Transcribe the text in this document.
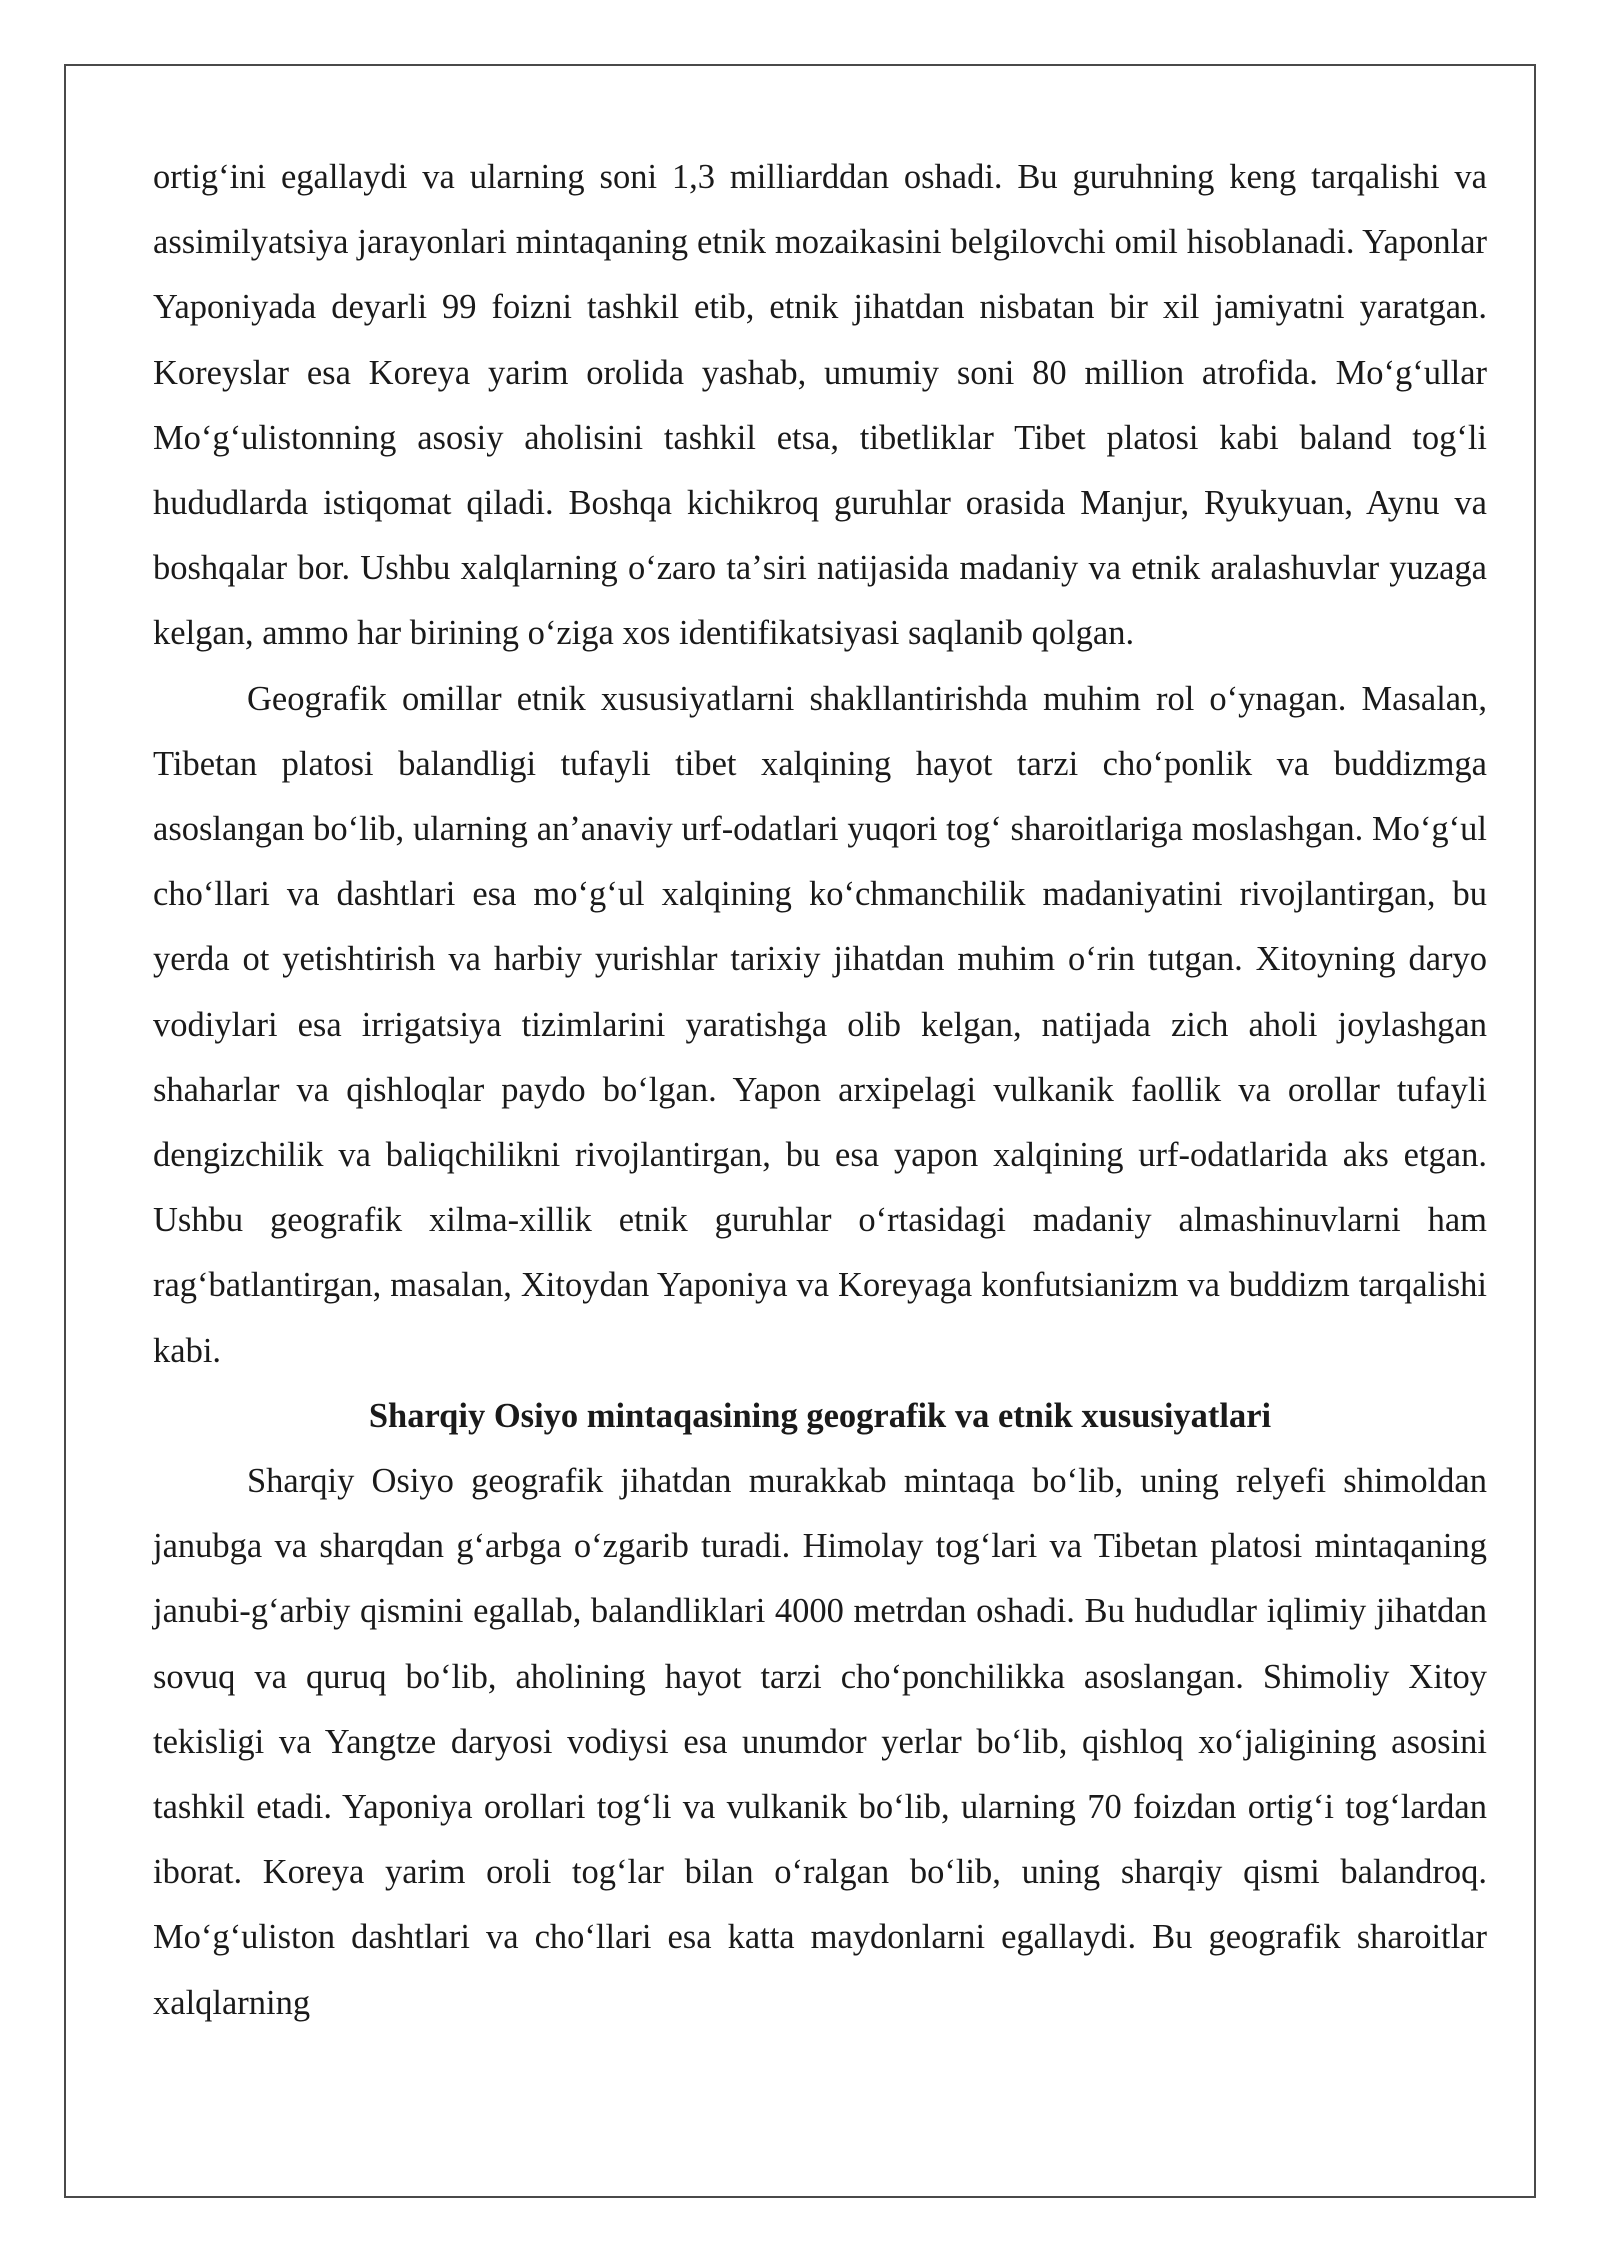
ortigʻini egallaydi va ularning soni 1,3 milliarddan oshadi. Bu guruhning keng tarqalishi va assimilyatsiya jarayonlari mintaqaning etnik mozaikasini belgilovchi omil hisoblanadi. Yaponlar Yaponiyada deyarli 99 foizni tashkil etib, etnik jihatdan nisbatan bir xil jamiyatni yaratgan. Koreyslar esa Koreya yarim orolida yashab, umumiy soni 80 million atrofida. Moʻgʻullar Moʻgʻulistonning asosiy aholisini tashkil etsa, tibetliklar Tibet platosi kabi baland togʻli hududlarda istiqomat qiladi. Boshqa kichikroq guruhlar orasida Manjur, Ryukyuan, Aynu va boshqalar bor. Ushbu xalqlarning oʻzaro taʼsiri natijasida madaniy va etnik aralashuvlar yuzaga kelgan, ammo har birining oʻziga xos identifikatsiyasi saqlanib qolgan.

Geografik omillar etnik xususiyatlarni shakllantirishda muhim rol oʻynagan. Masalan, Tibetan platosi balandligi tufayli tibet xalqining hayot tarzi choʻponlik va buddizmga asoslangan boʻlib, ularning anʼanaviy urf-odatlari yuqori togʻ sharoitlariga moslashgan. Moʻgʻul choʻllari va dashtlari esa moʻgʻul xalqining koʻchmanchilik madaniyatini rivojlantirgan, bu yerda ot yetishtirish va harbiy yurishlar tarixiy jihatdan muhim oʻrin tutgan. Xitoyning daryo vodiylari esa irrigatsiya tizimlarini yaratishga olib kelgan, natijada zich aholi joylashgan shaharlar va qishloqlar paydo boʻlgan. Yapon arxipelagi vulkanik faollik va orollar tufayli dengizchilik va baliqchilikni rivojlantirgan, bu esa yapon xalqining urf-odatlarida aks etgan. Ushbu geografik xilma-xillik etnik guruhlar oʻrtasidagi madaniy almashinuvlarni ham ragʻbatlantirgan, masalan, Xitoydan Yaponiya va Koreyaga konfutsianizm va buddizm tarqalishi kabi.

Sharqiy Osiyo mintaqasining geografik va etnik xususiyatlari

Sharqiy Osiyo geografik jihatdan murakkab mintaqa boʻlib, uning relyefi shimoldan janubga va sharqdan gʻarbga oʻzgarib turadi. Himolay togʻlari va Tibetan platosi mintaqaning janubi-gʻarbiy qismini egallab, balandliklari 4000 metrdan oshadi. Bu hududlar iqlimiy jihatdan sovuq va quruq boʻlib, aholining hayot tarzi choʻponchilikka asoslangan. Shimoliy Xitoy tekisligi va Yangtze daryosi vodiysi esa unumdor yerlar boʻlib, qishloq xoʻjaligining asosini tashkil etadi. Yaponiya orollari togʻli va vulkanik boʻlib, ularning 70 foizdan ortigʻi togʻlardan iborat. Koreya yarim oroli togʻlar bilan oʻralgan boʻlib, uning sharqiy qismi balandroq. Moʻgʻuliston dashtlari va choʻllari esa katta maydonlarni egallaydi. Bu geografik sharoitlar xalqlarning
